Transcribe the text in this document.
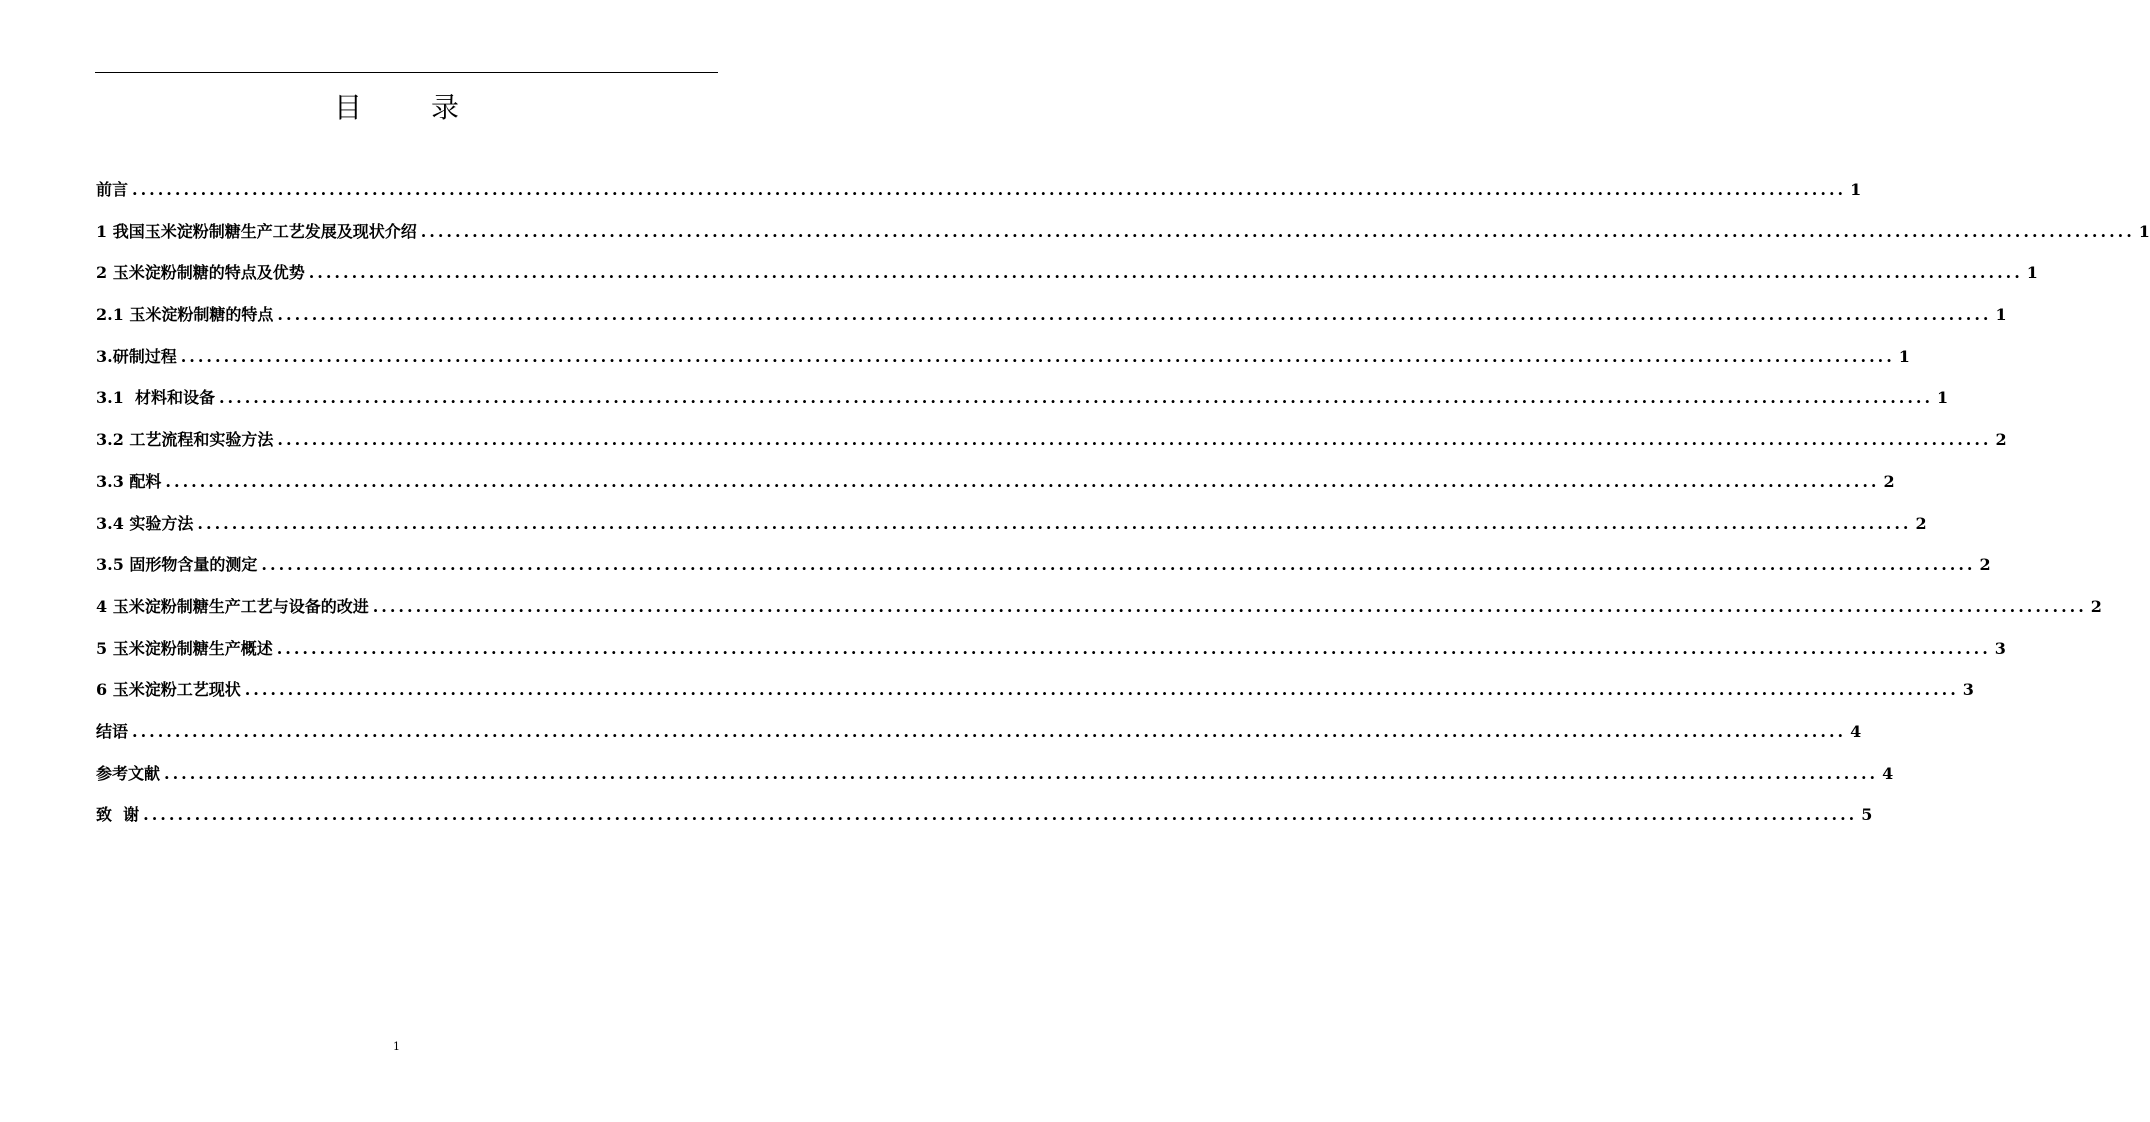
目 录
前言 ........................................................................................................................................................................................................ 1
1 我国玉米淀粉制糖生产工艺发展及现状介绍 ........................................................................................................................................................................................................ 1
2 玉米淀粉制糖的特点及优势 ........................................................................................................................................................................................................ 1
2.1 玉米淀粉制糖的特点 ........................................................................................................................................................................................................ 1
3.研制过程 ........................................................................................................................................................................................................ 1
3.1  材料和设备 ........................................................................................................................................................................................................ 1
3.2 工艺流程和实验方法 ........................................................................................................................................................................................................ 2
3.3 配料 ........................................................................................................................................................................................................ 2
3.4 实验方法 ........................................................................................................................................................................................................ 2
3.5 固形物含量的测定 ........................................................................................................................................................................................................ 2
4 玉米淀粉制糖生产工艺与设备的改进 ........................................................................................................................................................................................................ 2
5 玉米淀粉制糖生产概述 ........................................................................................................................................................................................................ 3
6 玉米淀粉工艺现状 ........................................................................................................................................................................................................ 3
结语 ........................................................................................................................................................................................................ 4
参考文献 ........................................................................................................................................................................................................ 4
致  谢 ........................................................................................................................................................................................................ 5
1
